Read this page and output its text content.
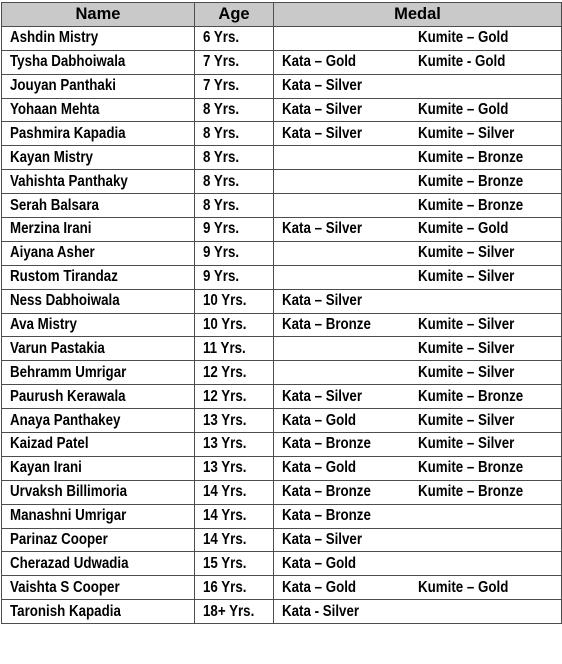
Name	Age	Medal	
Ashdin Mistry	6 Yrs.		Kumite – Gold
Tysha Dabhoiwala	7 Yrs.	Kata – Gold	Kumite - Gold
Jouyan Panthaki	7 Yrs.	Kata – Silver	
Yohaan Mehta	8 Yrs.	Kata – Silver	Kumite – Gold
Pashmira Kapadia	8 Yrs.	Kata – Silver	Kumite – Silver
Kayan Mistry	8 Yrs.		Kumite – Bronze
Vahishta Panthaky	8 Yrs.		Kumite – Bronze
Serah Balsara	8 Yrs.		Kumite – Bronze
Merzina Irani	9 Yrs.	Kata – Silver	Kumite – Gold
Aiyana Asher	9 Yrs.		Kumite – Silver
Rustom Tirandaz	9 Yrs.		Kumite – Silver
Ness Dabhoiwala	10 Yrs.	Kata – Silver	
Ava Mistry	10 Yrs.	Kata – Bronze	Kumite – Silver
Varun Pastakia	11 Yrs.		Kumite – Silver
Behramm Umrigar	12 Yrs.		Kumite – Silver
Paurush Kerawala	12 Yrs.	Kata – Silver	Kumite – Bronze
Anaya Panthakey	13 Yrs.	Kata – Gold	Kumite – Silver
Kaizad Patel	13 Yrs.	Kata – Bronze	Kumite – Silver
Kayan Irani	13 Yrs.	Kata – Gold	Kumite – Bronze
Urvaksh Billimoria	14 Yrs.	Kata – Bronze	Kumite – Bronze
Manashni Umrigar	14 Yrs.	Kata – Bronze	
Parinaz Cooper	14 Yrs.	Kata – Silver	
Cherazad Udwadia	15 Yrs.	Kata – Gold	
Vaishta S Cooper	16 Yrs.	Kata – Gold	Kumite – Gold
Taronish Kapadia	18+ Yrs.	Kata - Silver	
